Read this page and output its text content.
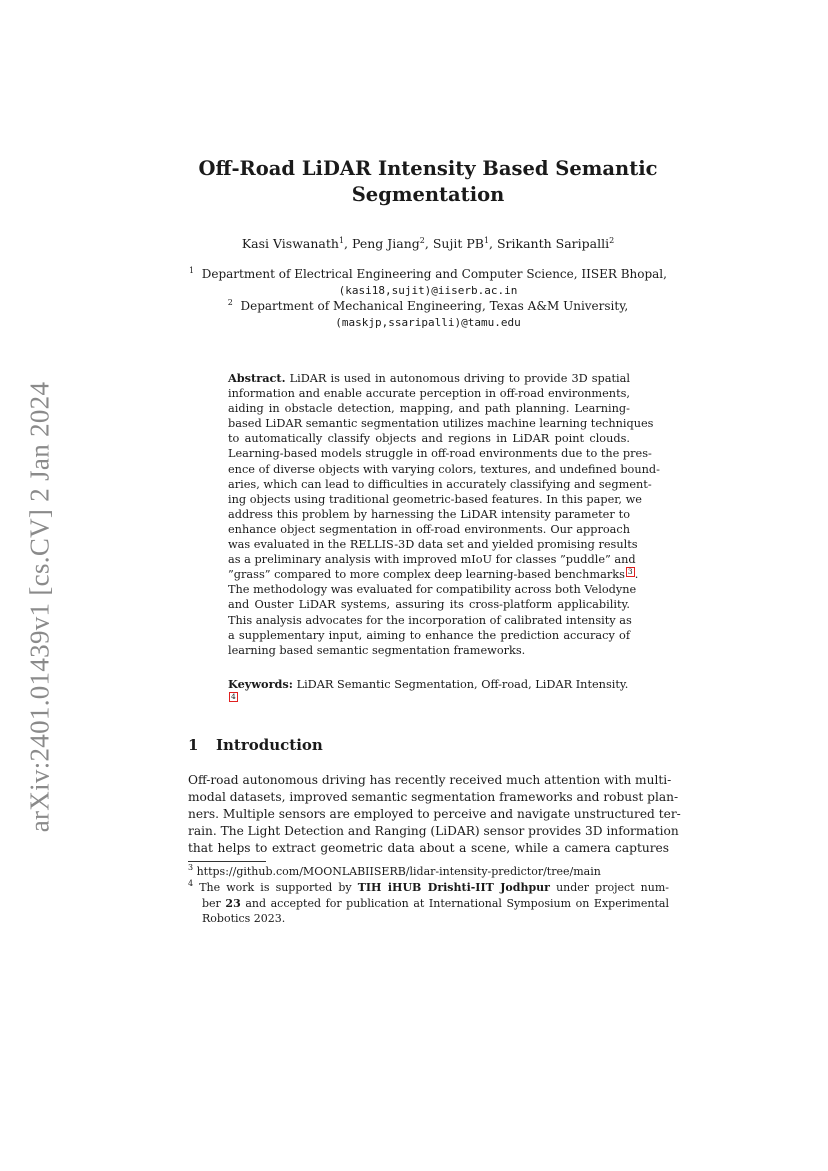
arXiv:2401.01439v1 [cs.CV] 2 Jan 2024
Off-Road LiDAR Intensity Based Semantic
Segmentation
Kasi Viswanath$^1$, Peng Jiang$^2$, Sujit $PB^1$, Srikanth Saripalli$^2$
$^1$ Department of Electrical Engineering and Computer Science, IISER Bhopal,
(kasi18,sujit)@iiserb.ac.in
$^2$ Department of Mechanical Engineering, Texas A&M University,
(maskjp,ssaripalli)@tamu.edu
Abstract. LiDAR is used in autonomous driving to provide 3D spatial
information and enable accurate perception in off-road environments,
aiding in obstacle detection, mapping, and path planning. Learning-
based LiDAR semantic segmentation utilizes machine learning techniques
to automatically classify objects and regions in LiDAR point clouds.
Learning-based models struggle in off-road environments due to the pres-
ence of diverse objects with varying colors, textures, and undefined bound-
aries, which can lead to difficulties in accurately classifying and segment-
ing objects using traditional geometric-based features. In this paper, we
address this problem by harnessing the LiDAR intensity parameter to
enhance object segmentation in off-road environments. Our approach
was evaluated in the RELLIS-3D data set and yielded promising results
as a preliminary analysis with improved mIoU for classes ”puddle” and
”grass” compared to more complex deep learning-based benchmarks 3 .
The methodology was evaluated for compatibility across both Velodyne
and Ouster LiDAR systems, assuring its cross-platform applicability.
This analysis advocates for the incorporation of calibrated intensity as
a supplementary input, aiming to enhance the prediction accuracy of
learning based semantic segmentation frameworks.
Keywords: LiDAR Semantic Segmentation, Off-road, LiDAR Intensity.
4
1 Introduction
Off-road autonomous driving has recently received much attention with multi-
modal datasets, improved semantic segmentation frameworks and robust plan-
ners. Multiple sensors are employed to perceive and navigate unstructured ter-
rain. The Light Detection and Ranging (LiDAR) sensor provides 3D information
that helps to extract geometric data about a scene, while a camera captures
$^3$ https://github.com/MOONLABIISERB/lidar-intensity-predictor/tree/main
$^4$ The work is supported by TIH iHUB Drishti-IIT Jodhpur under project num-
ber 23 and accepted for publication at International Symposium on Experimental
Robotics 2023.
